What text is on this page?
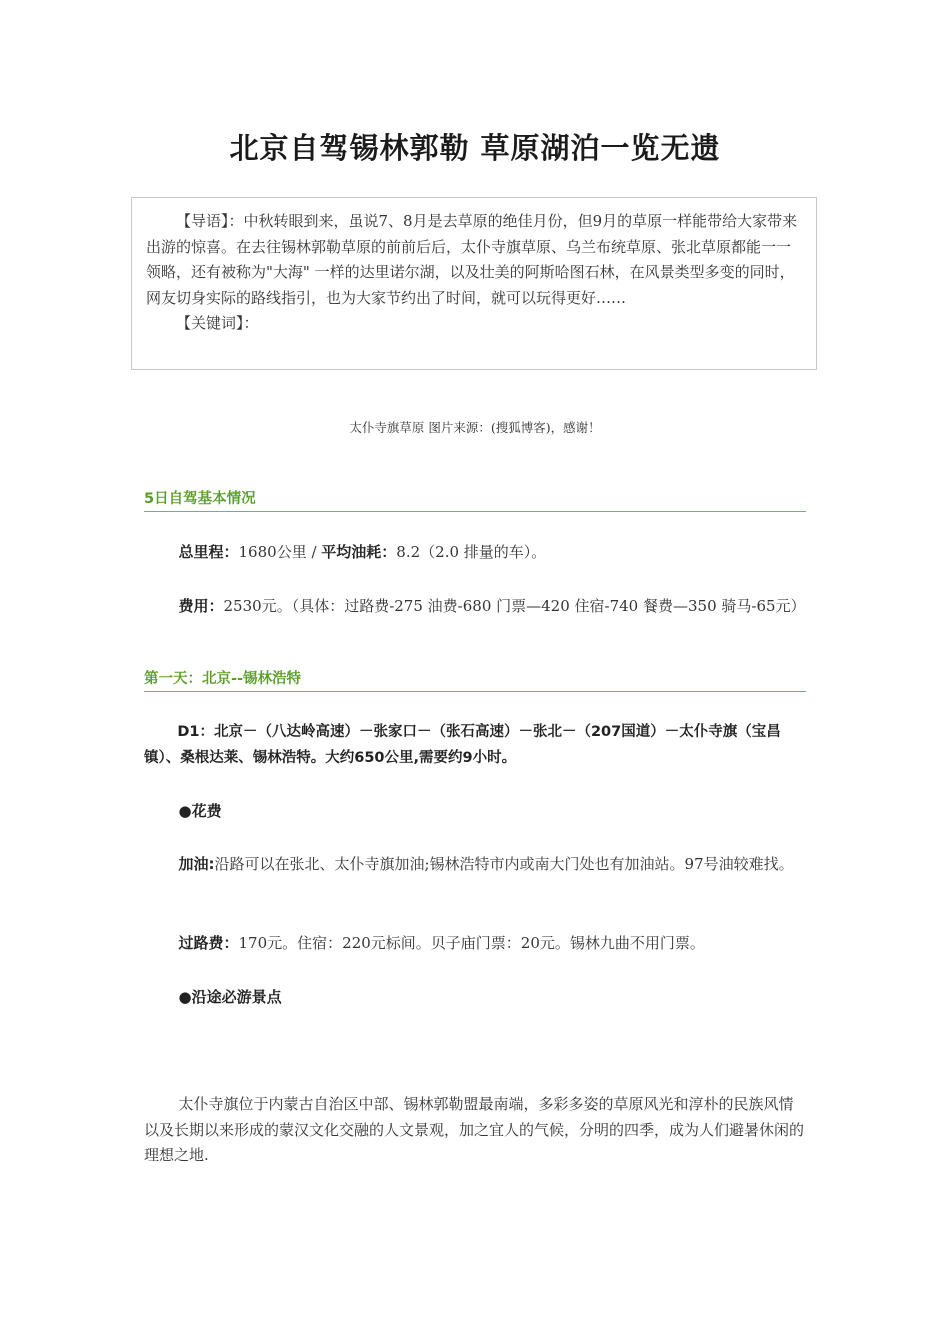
北京自驾锡林郭勒 草原湖泊一览无遗

【导语】：中秋转眼到来，虽说7、8月是去草原的绝佳月份，但9月的草原一样能带给大家带来出游的惊喜。在去往锡林郭勒草原的前前后后，太仆寺旗草原、乌兰布统草原、张北草原都能一一领略，还有被称为"大海" 一样的达里诺尔湖，以及壮美的阿斯哈图石林，在风景类型多变的同时，网友切身实际的路线指引，也为大家节约出了时间，就可以玩得更好……

【关键词】：

太仆寺旗草原 图片来源：(搜狐博客)，感谢！
5日自驾基本情况

总里程：1680公里 / 平均油耗：8.2（2.0 排量的车）。

费用：2530元。（具体：过路费-275 油费-680 门票—420 住宿-740 餐费—350 骑马-65元）

第一天：北京--锡林浩特

D1：北京－（八达岭高速）－张家口－（张石高速）－张北－（207国道）－太仆寺旗（宝昌镇）、桑根达莱、锡林浩特。大约650公里,需要约9小时。

●花费

加油:沿路可以在张北、太仆寺旗加油;锡林浩特市内或南大门处也有加油站。97号油较难找。

过路费：170元。住宿：220元标间。贝子庙门票：20元。锡林九曲不用门票。

●沿途必游景点

太仆寺旗位于内蒙古自治区中部、锡林郭勒盟最南端，多彩多姿的草原风光和淳朴的民族风情以及长期以来形成的蒙汉文化交融的人文景观，加之宜人的气候，分明的四季，成为人们避暑休闲的理想之地.
